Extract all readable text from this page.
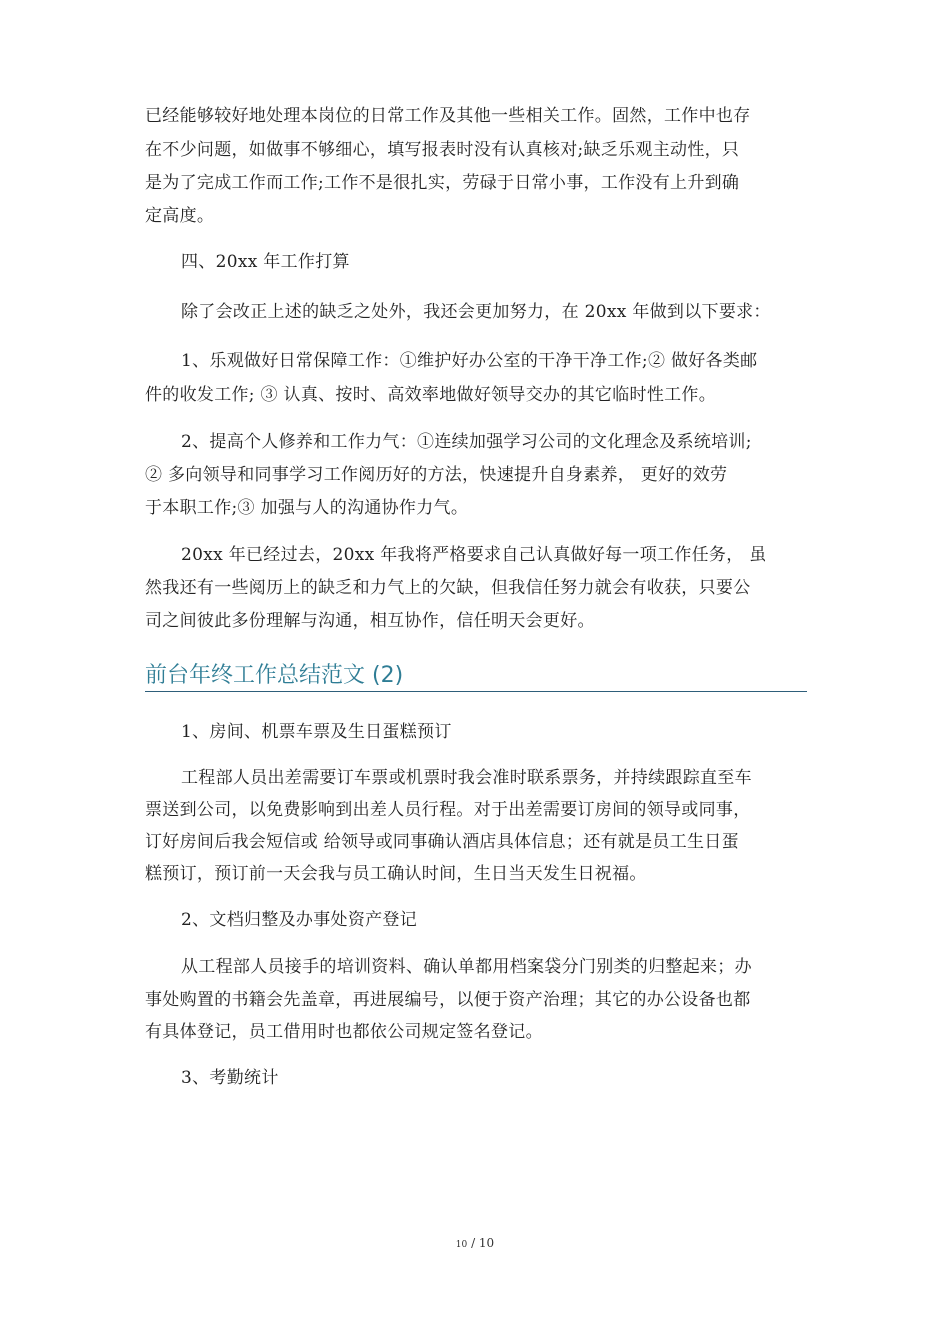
已经能够较好地处理本岗位的日常工作及其他一些相关工作。固然，工作中也存
在不少问题，如做事不够细心，填写报表时没有认真核对;缺乏乐观主动性，只
是为了完成工作而工作;工作不是很扎实，劳碌于日常小事，工作没有上升到确
定高度。
四、20xx 年工作打算
除了会改正上述的缺乏之处外，我还会更加努力，在 20xx 年做到以下要求：
1、乐观做好日常保障工作：①维护好办公室的干净干净工作;② 做好各类邮
件的收发工作; ③ 认真、按时、高效率地做好领导交办的其它临时性工作。
2、提高个人修养和工作力气：①连续加强学习公司的文化理念及系统培训;
② 多向领导和同事学习工作阅历好的方法，快速提升自身素养， 更好的效劳
于本职工作;③ 加强与人的沟通协作力气。
20xx 年已经过去，20xx 年我将严格要求自己认真做好每一项工作任务， 虽
然我还有一些阅历上的缺乏和力气上的欠缺，但我信任努力就会有收获，只要公
司之间彼此多份理解与沟通，相互协作，信任明天会更好。
前台年终工作总结范文 (2)
1、房间、机票车票及生日蛋糕预订
工程部人员出差需要订车票或机票时我会准时联系票务，并持续跟踪直至车
票送到公司，以免费影响到出差人员行程。对于出差需要订房间的领导或同事，
订好房间后我会短信或 给领导或同事确认酒店具体信息；还有就是员工生日蛋
糕预订，预订前一天会我与员工确认时间，生日当天发生日祝福。
2、文档归整及办事处资产登记
从工程部人员接手的培训资料、确认单都用档案袋分门别类的归整起来；办
事处购置的书籍会先盖章，再进展编号，以便于资产治理；其它的办公设备也都
有具体登记，员工借用时也都依公司规定签名登记。
3、考勤统计
10 / 10
